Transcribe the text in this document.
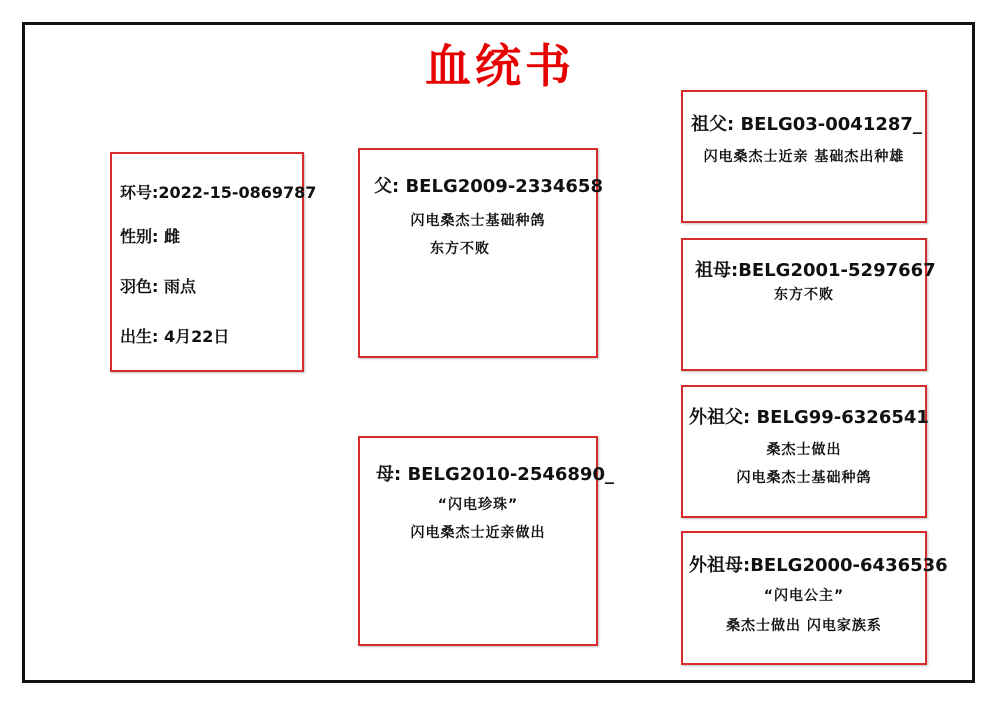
血统书
环号:2022-15-0869787
性别: 雌
羽色: 雨点
出生: 4月22日
父: BELG2009-2334658
闪电桑杰士基础种鸽
东方不败
母: BELG2010-2546890_
“闪电珍珠”
闪电桑杰士近亲做出
祖父: BELG03-0041287_
闪电桑杰士近亲 基础杰出种雄
祖母:BELG2001-5297667
东方不败
外祖父: BELG99-6326541
桑杰士做出
闪电桑杰士基础种鸽
外祖母:BELG2000-6436536
“闪电公主”
桑杰士做出 闪电家族系
